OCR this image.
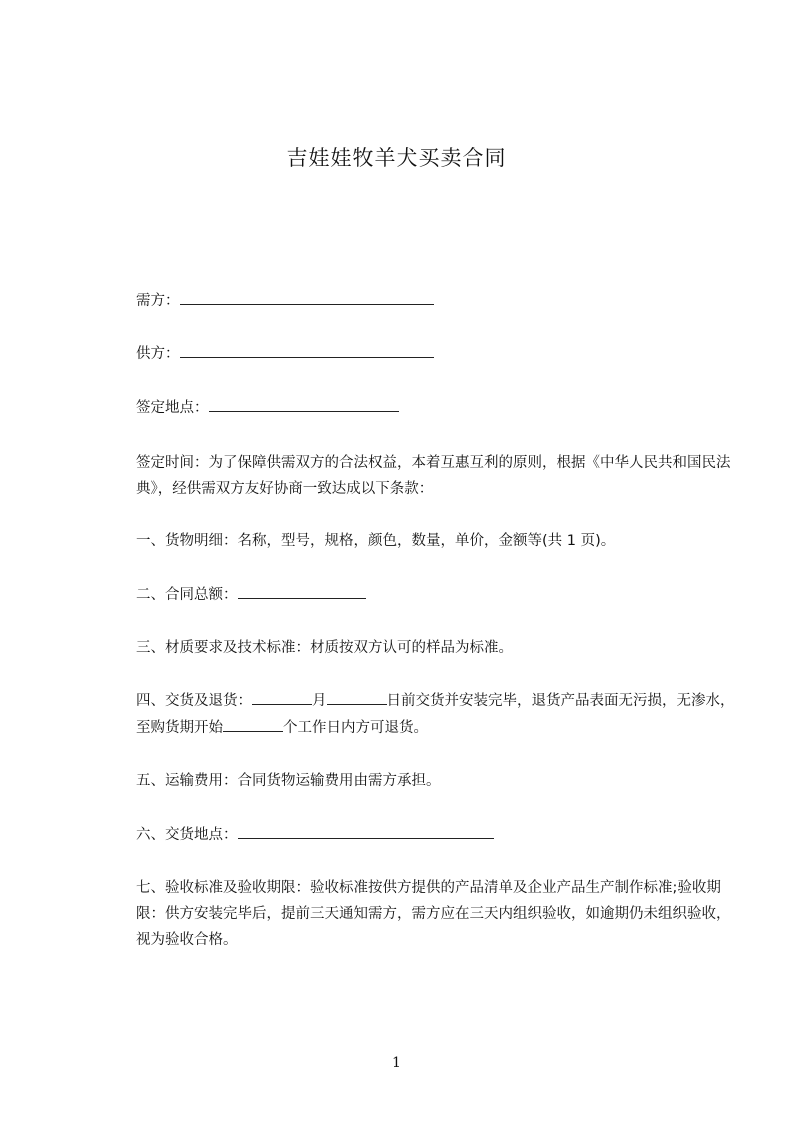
吉娃娃牧羊犬买卖合同
需方：
供方：
签定地点：
签定时间：为了保障供需双方的合法权益，本着互惠互利的原则，根据《中华人民共和国民法典》，经供需双方友好协商一致达成以下条款：
一、货物明细：名称，型号，规格，颜色，数量，单价，金额等(共 1 页)。
二、合同总额：
三、材质要求及技术标准：材质按双方认可的样品为标准。
四、交货及退货：	月	日前交货并安装完毕，退货产品表面无污损，无渗水，至购货期开始	个工作日内方可退货。
五、运输费用：合同货物运输费用由需方承担。
六、交货地点：
七、验收标准及验收期限：验收标准按供方提供的产品清单及企业产品生产制作标准;验收期限：供方安装完毕后，提前三天通知需方，需方应在三天内组织验收，如逾期仍未组织验收，视为验收合格。
1
